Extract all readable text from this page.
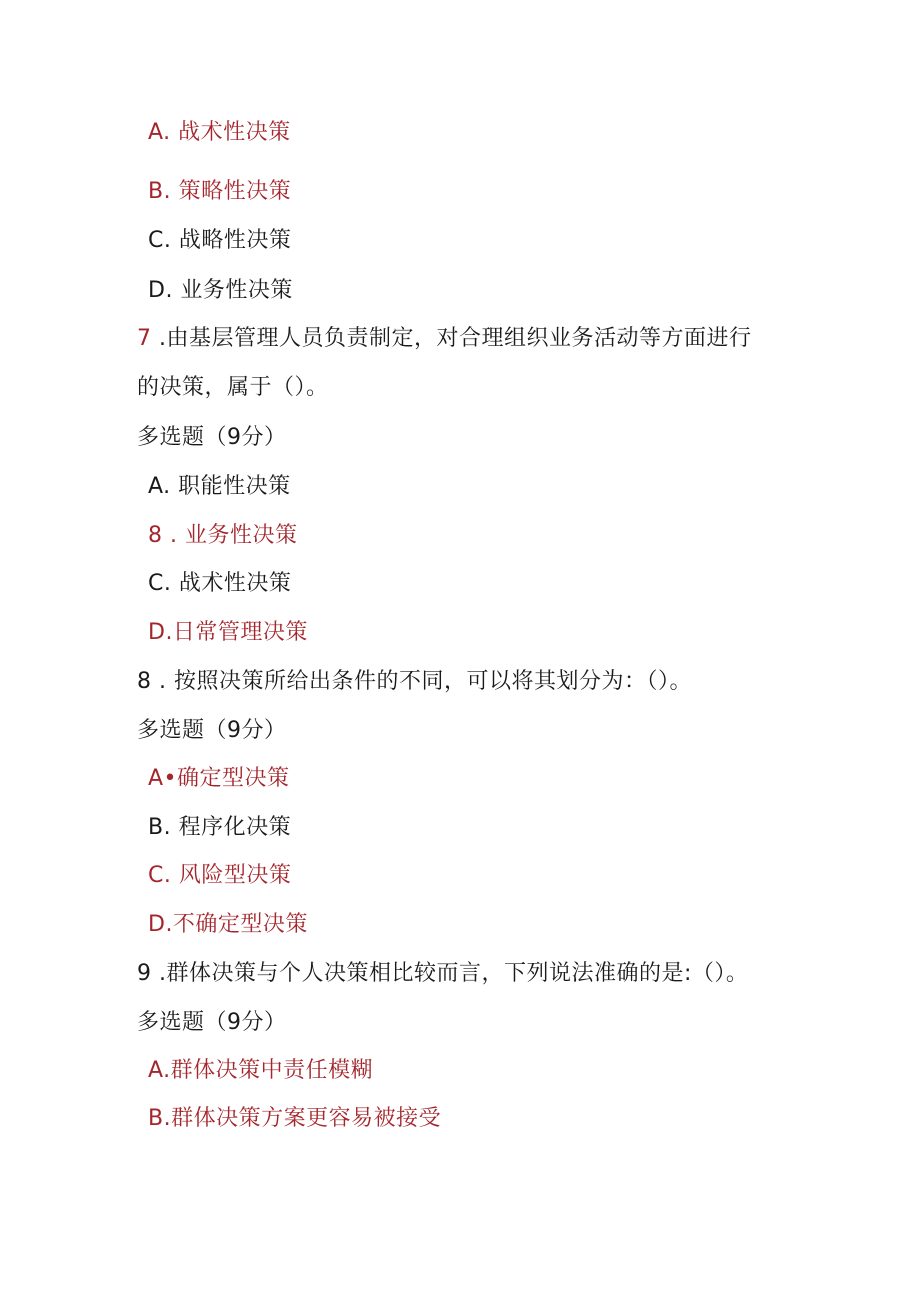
A. 战术性决策
B. 策略性决策
C. 战略性决策
D. 业务性决策
7 .由基层管理人员负责制定，对合理组织业务活动等方面进行
的决策，属于（）。
多选题（9分）
A. 职能性决策
8 . 业务性决策
C. 战术性决策
D.日常管理决策
8 . 按照决策所给出条件的不同，可以将其划分为：（）。
多选题（9分）
A•确定型决策
B. 程序化决策
C. 风险型决策
D.不确定型决策
9 .群体决策与个人决策相比较而言，下列说法准确的是:（）。
多选题（9分）
A.群体决策中责任模糊
B.群体决策方案更容易被接受
